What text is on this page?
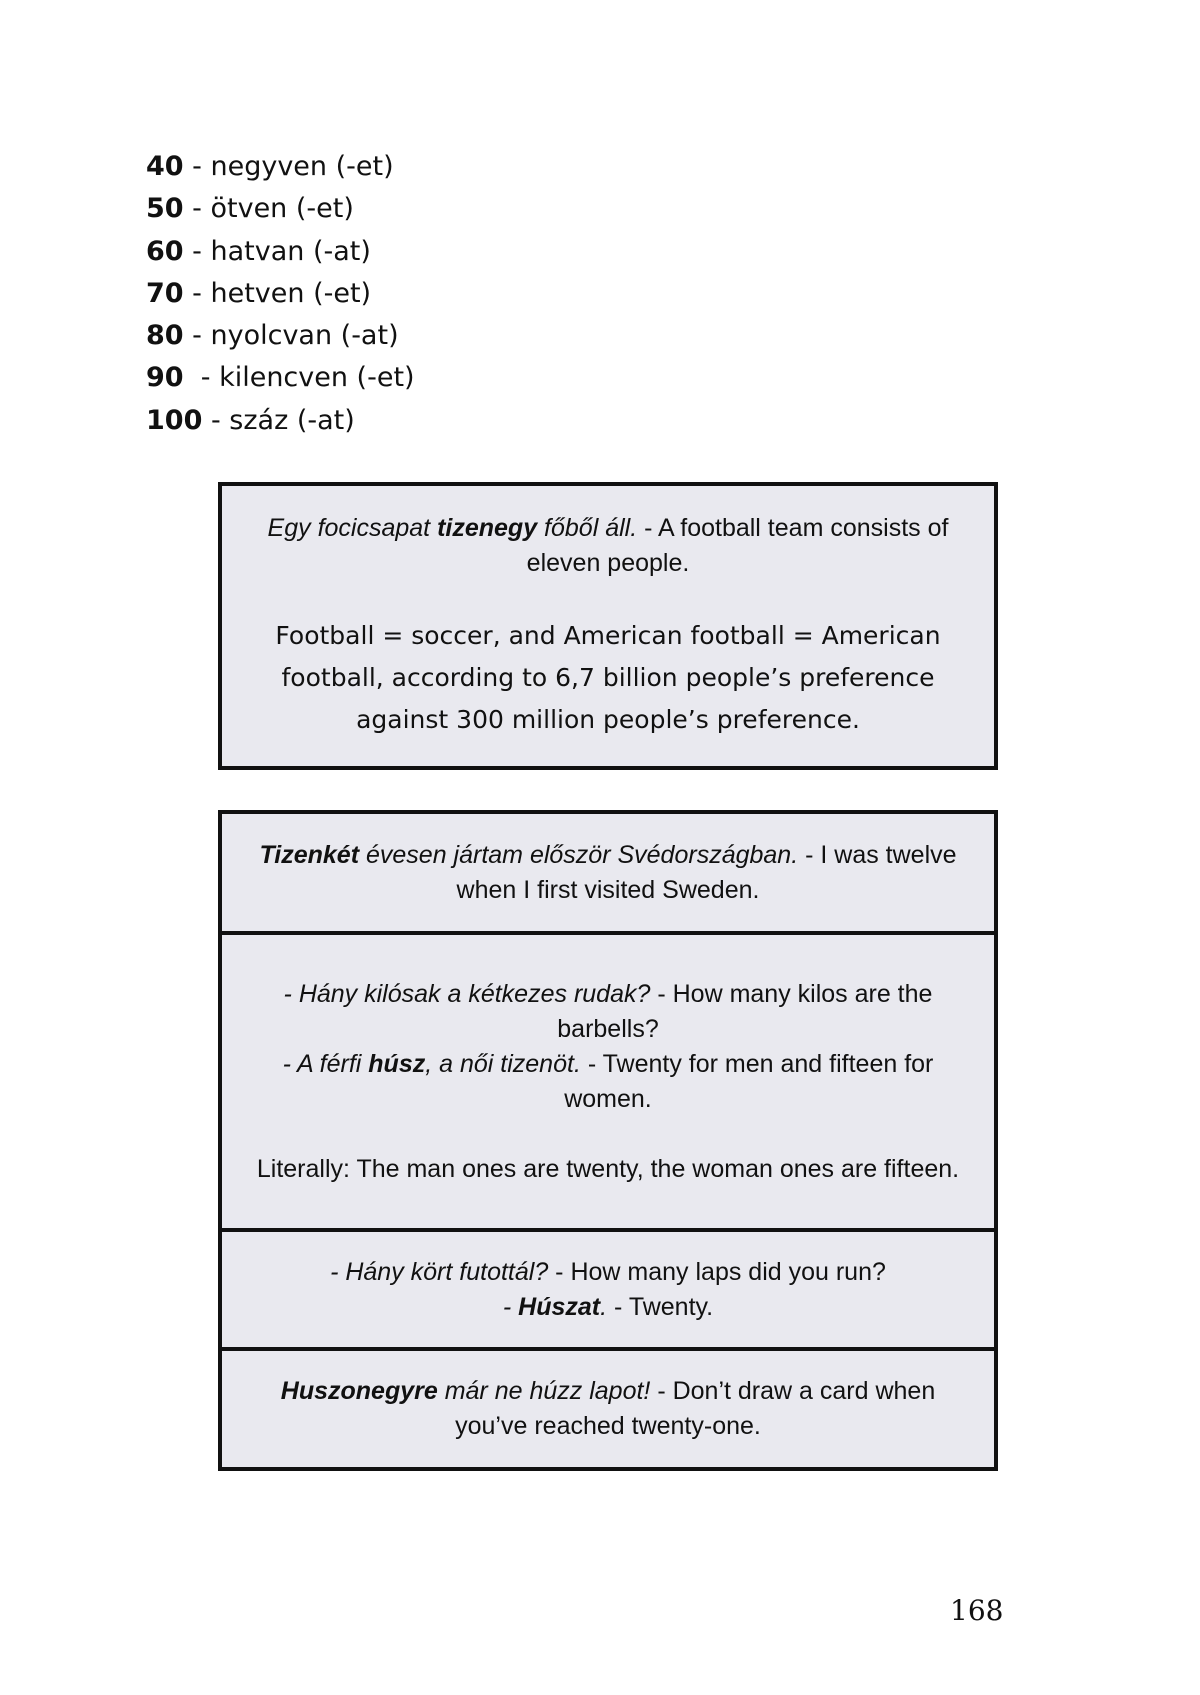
40 - negyven (-et)
50 - ötven (-et)
60 - hatvan (-at)
70 - hetven (-et)
80 - nyolcvan (-at)
90  - kilencven (-et)
100 - száz (-at)
Egy focicsapat tizenegy főből áll. - A football team consists of eleven people.
Football = soccer, and American football = American football, according to 6,7 billion people’s preference against 300 million people’s preference.
Tizenkét évesen jártam először Svédországban. - I was twelve when I first visited Sweden.
- Hány kilósak a kétkezes rudak? - How many kilos are the barbells?
- A férfi húsz, a női tizenöt. - Twenty for men and fifteen for women.
Literally: The man ones are twenty, the woman ones are fifteen.
- Hány kört futottál? - How many laps did you run?
- Húszat. - Twenty.
Huszonegyre már ne húzz lapot! - Don’t draw a card when you’ve reached twenty-one.
168
